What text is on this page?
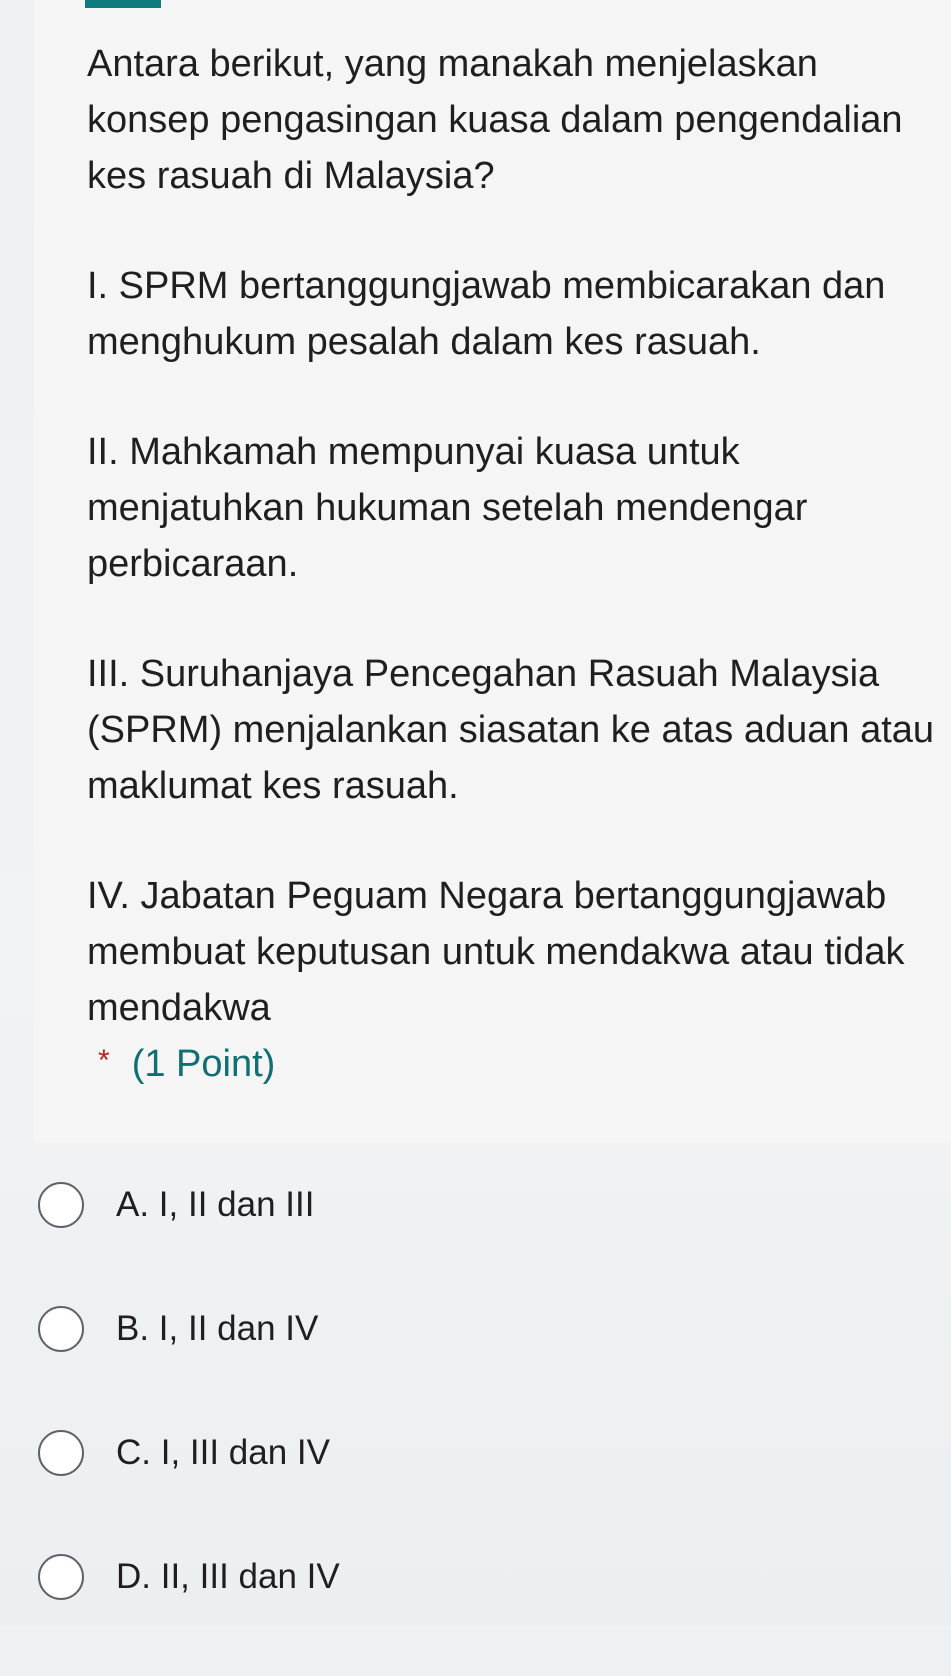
Antara berikut, yang manakah menjelaskan konsep pengasingan kuasa dalam pengendalian kes rasuah di Malaysia?

I. SPRM bertanggungjawab membicarakan dan menghukum pesalah dalam kes rasuah.

II. Mahkamah mempunyai kuasa untuk menjatuhkan hukuman setelah mendengar perbicaraan.

III. Suruhanjaya Pencegahan Rasuah Malaysia (SPRM) menjalankan siasatan ke atas aduan atau maklumat kes rasuah.

IV. Jabatan Peguam Negara bertanggungjawab membuat keputusan untuk mendakwa atau tidak mendakwa

* (1 Point)
A. I, II dan III
B. I, II dan IV
C. I, III dan IV
D. II, III dan IV
